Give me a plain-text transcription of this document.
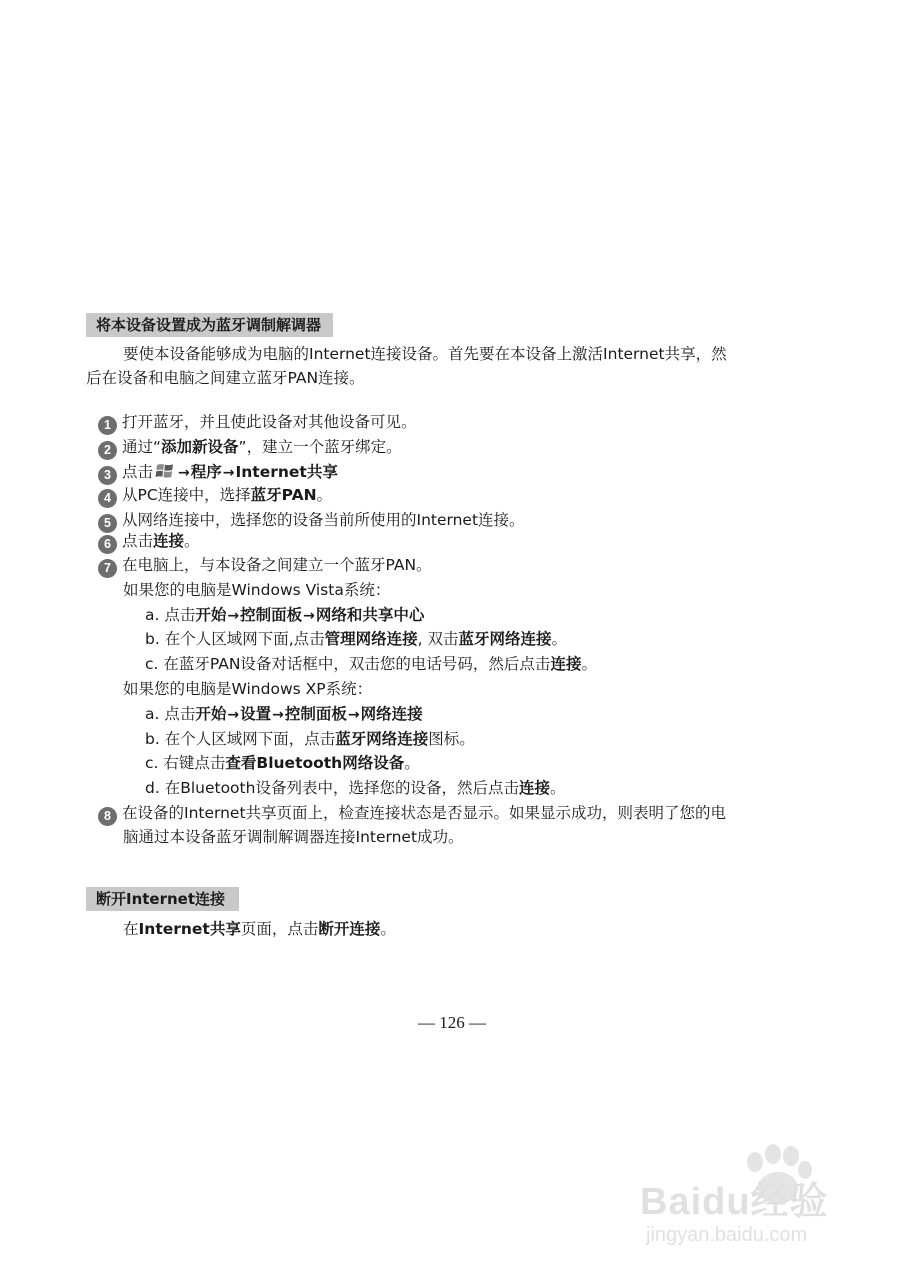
将本设备设置成为蓝牙调制解调器
要使本设备能够成为电脑的Internet连接设备。首先要在本设备上激活Internet共享，然
后在设备和电脑之间建立蓝牙PAN连接。
1 打开蓝牙，并且使此设备对其他设备可见。
2 通过“添加新设备”，建立一个蓝牙绑定。
3 点击 →程序→Internet共享
4 从PC连接中，选择蓝牙PAN。
5 从网络连接中，选择您的设备当前所使用的Internet连接。
6 点击连接。
7 在电脑上，与本设备之间建立一个蓝牙PAN。
如果您的电脑是Windows Vista系统：
a. 点击开始→控制面板→网络和共享中心
b. 在个人区域网下面,点击管理网络连接, 双击蓝牙网络连接。
c. 在蓝牙PAN设备对话框中，双击您的电话号码，然后点击连接。
如果您的电脑是Windows XP系统：
a. 点击开始→设置→控制面板→网络连接
b. 在个人区域网下面，点击蓝牙网络连接图标。
c. 右键点击查看Bluetooth网络设备。
d. 在Bluetooth设备列表中，选择您的设备，然后点击连接。
8 在设备的Internet共享页面上，检查连接状态是否显示。如果显示成功，则表明了您的电
脑通过本设备蓝牙调制解调器连接Internet成功。
断开Internet连接
在Internet共享页面，点击断开连接。
— 126 —
Baidu经验
jingyan.baidu.com
